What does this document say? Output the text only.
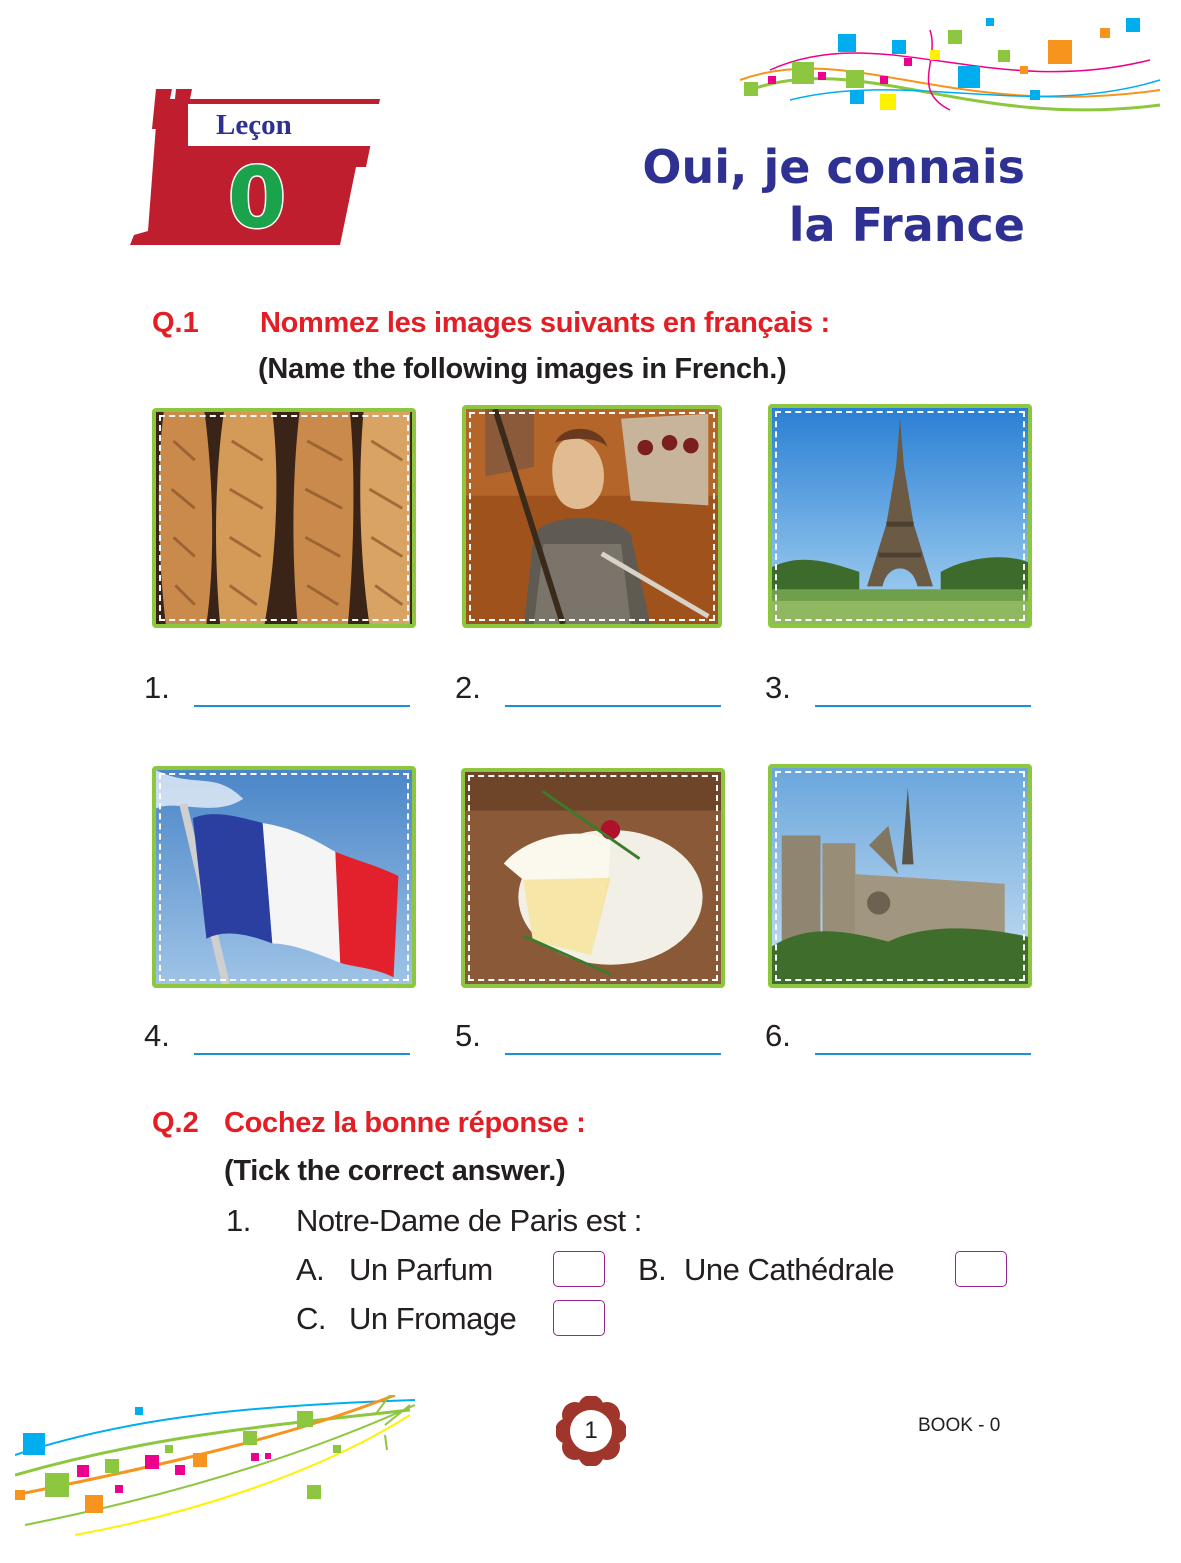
Leçon
0	Oui, je connais
la France
Q.1 Nommez les images suivants en français :
(Name the following images in French.)
1.	2.	3.
4.	5.	6.
Q.2 Cochez la bonne réponse :
(Tick the correct answer.)
1. Notre-Dame de Paris est :
A. Un Parfum	B. Une Cathédrale
C. Un Fromage
1	BOOK - 0
